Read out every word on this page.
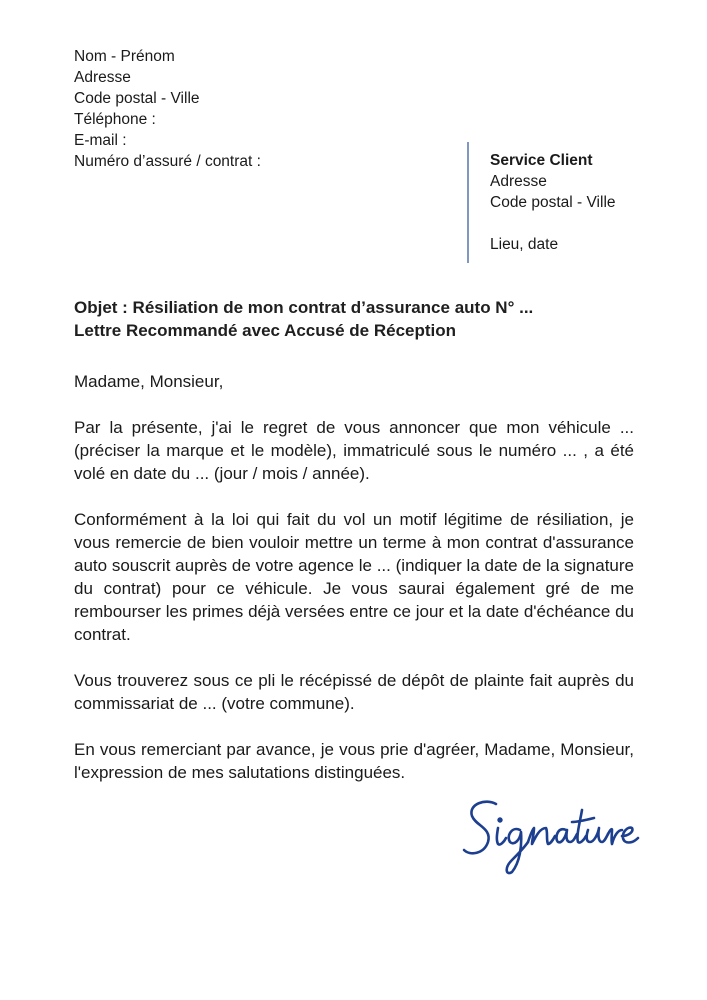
Nom - Prénom
Adresse
Code postal - Ville
Téléphone :
E-mail :
Numéro d’assuré / contrat :	Service Client
Adresse
Code postal - Ville
Lieu, date
Objet : Résiliation de mon contrat d’assurance auto N° ...
Lettre Recommandé avec Accusé de Réception

Madame, Monsieur,

Par la présente, j'ai le regret de vous annoncer que mon véhicule ... (préciser la marque et le modèle), immatriculé sous le numéro ... , a été volé en date du ... (jour / mois / année).

Conformément à la loi qui fait du vol un motif légitime de résiliation, je vous remercie de bien vouloir mettre un terme à mon contrat d'assurance auto souscrit auprès de votre agence le ... (indiquer la date de la signature du contrat) pour ce véhicule. Je vous saurai également gré de me rembourser les primes déjà versées entre ce jour et la date d'échéance du contrat.

Vous trouverez sous ce pli le récépissé de dépôt de plainte fait auprès du commissariat de ... (votre commune).

En vous remerciant par avance, je vous prie d'agréer, Madame, Monsieur, l'expression de mes salutations distinguées.
